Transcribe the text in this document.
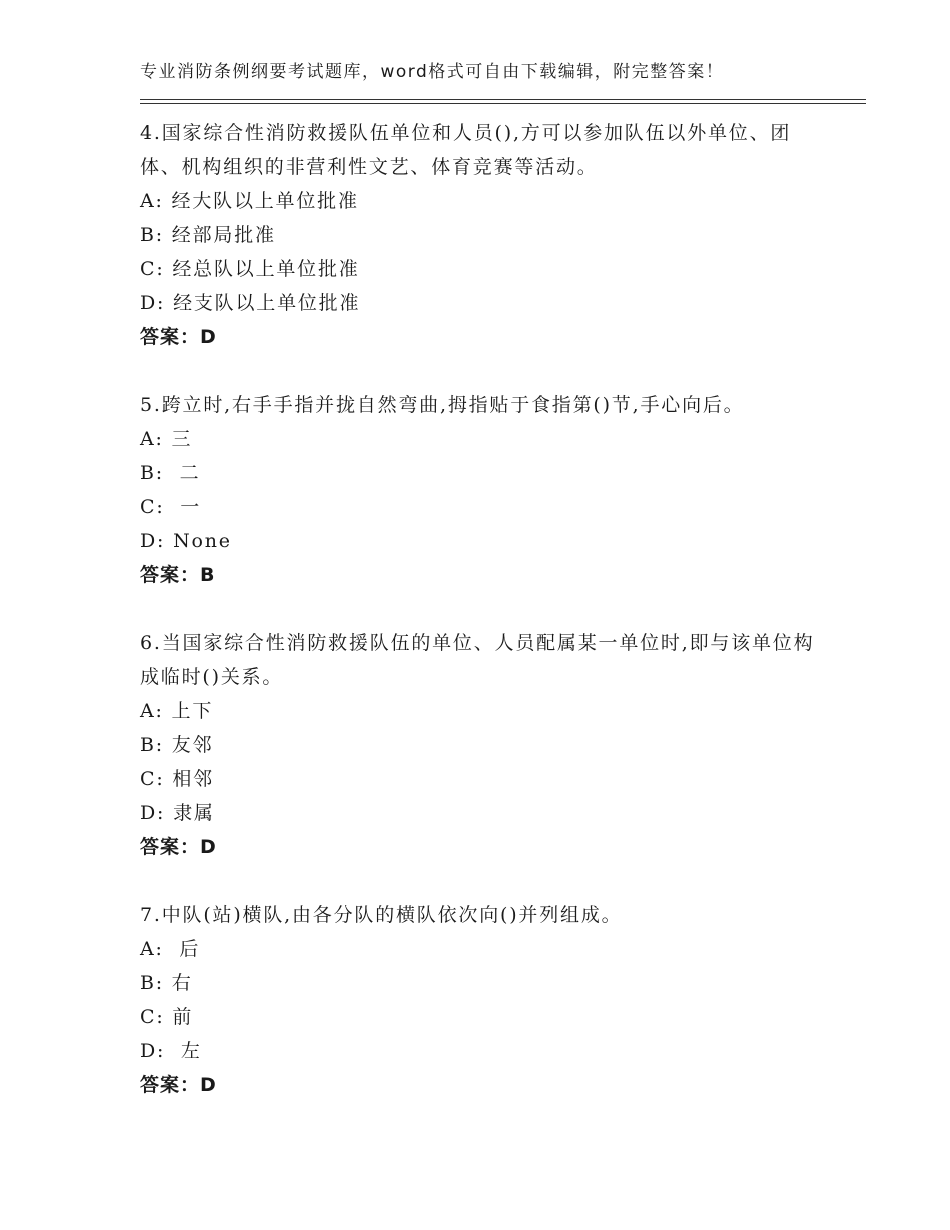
专业消防条例纲要考试题库，word格式可自由下载编辑，附完整答案！
4.国家综合性消防救援队伍单位和人员(),方可以参加队伍以外单位、团体、机构组织的非营利性文艺、体育竞赛等活动。
A: 经大队以上单位批准
B: 经部局批准
C: 经总队以上单位批准
D: 经支队以上单位批准
答案：D
5.跨立时,右手手指并拢自然弯曲,拇指贴于食指第()节,手心向后。
A: 三
B:  二
C:  一
D: None
答案：B
6.当国家综合性消防救援队伍的单位、人员配属某一单位时,即与该单位构成临时()关系。
A: 上下
B: 友邻
C: 相邻
D: 隶属
答案：D
7.中队(站)横队,由各分队的横队依次向()并列组成。
A:  后
B: 右
C: 前
D:  左
答案：D
